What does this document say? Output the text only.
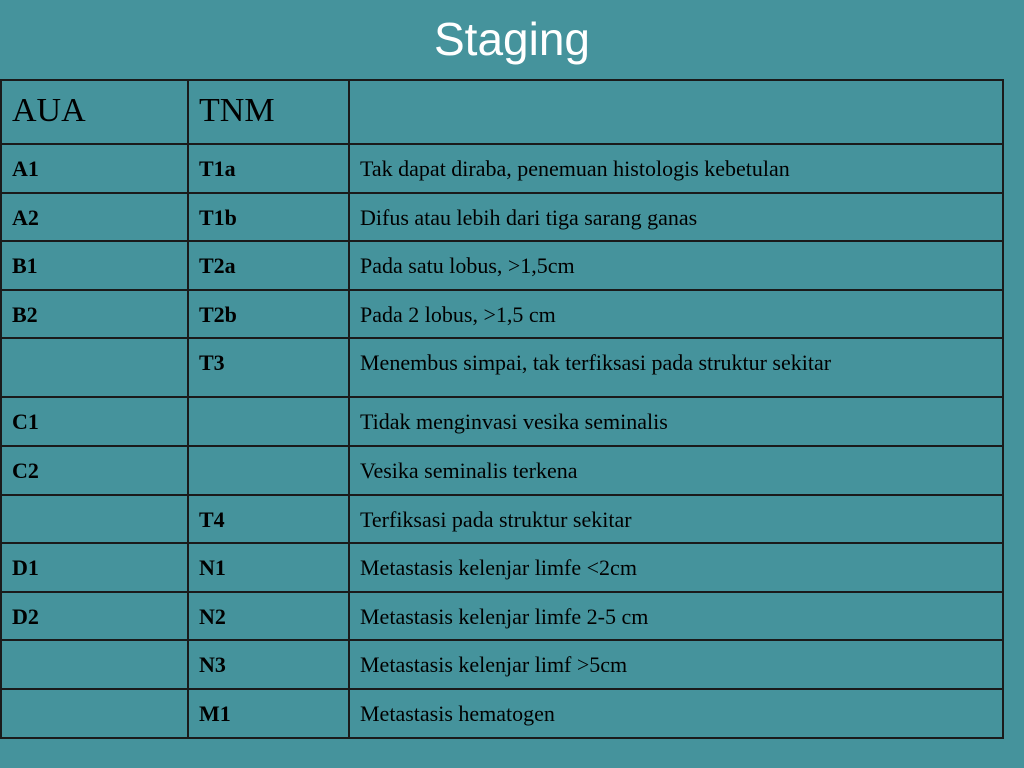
Staging
AUA	TNM	
A1	T1a	Tak dapat diraba, penemuan histologis kebetulan
A2	T1b	Difus atau lebih dari tiga sarang ganas
B1	T2a	Pada satu lobus, >1,5cm
B2	T2b	Pada 2 lobus, >1,5 cm
	T3	Menembus simpai, tak terfiksasi pada struktur sekitar
C1		Tidak menginvasi vesika seminalis
C2		Vesika seminalis terkena
	T4	Terfiksasi pada struktur sekitar
D1	N1	Metastasis kelenjar limfe <2cm
D2	N2	Metastasis kelenjar limfe 2-5 cm
	N3	Metastasis kelenjar limf >5cm
	M1	Metastasis hematogen
